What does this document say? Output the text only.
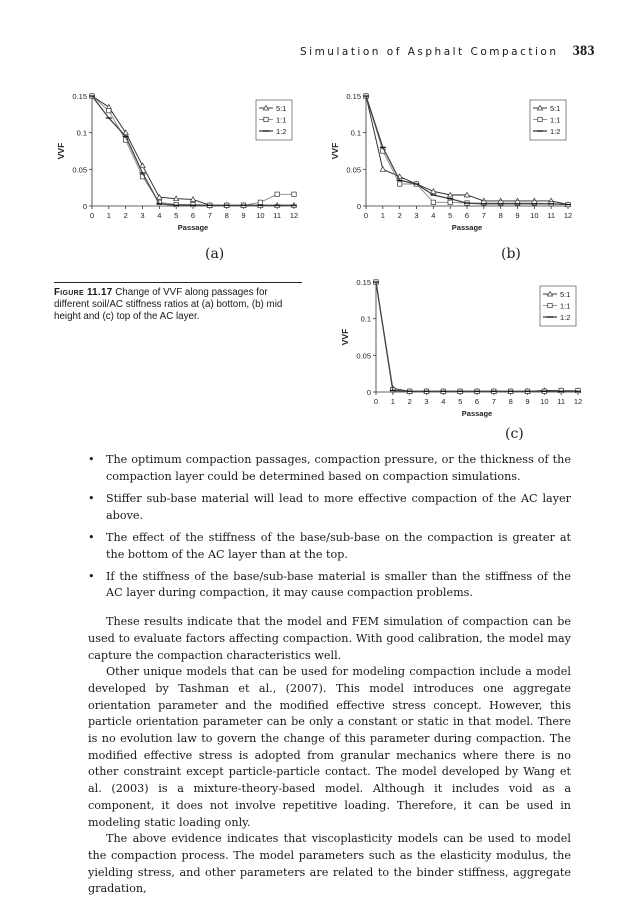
Simulation of Asphalt Compaction 383
0
0.05
0.1
0.15
0 1 2 3 4 5 6 7 8 9 10 11 12
Passage
VVF
5:1
1:1
1:2
0
0.05
0.1
0.15
0 1 2 3 4 5 6 7 8 9 10 11 12
Passage
VVF
5:1
1:1
1:2
0
0.05
0.1
0.15
0 1 2 3 4 5 6 7 8 9 10 11 12
Passage
VVF
5:1
1:1
1:2
(a)	(b)
(c)
Figure 11.17 Change of VVF along passages for different soil/AC stiffness ratios at (a) bottom, (b) mid height and (c) top of the AC layer.
• The optimum compaction passages, compaction pressure, or the thickness of the compaction layer could be determined based on compaction simulations.
• Stiffer sub-base material will lead to more effective compaction of the AC layer above.
• The effect of the stiffness of the base/sub-base on the compaction is greater at the bottom of the AC layer than at the top.
• If the stiffness of the base/sub-base material is smaller than the stiffness of the AC layer during compaction, it may cause compaction problems.

These results indicate that the model and FEM simulation of compaction can be used to evaluate factors affecting compaction. With good calibration, the model may capture the compaction characteristics well.

Other unique models that can be used for modeling compaction include a model developed by Tashman et al., (2007). This model introduces one aggregate orientation parameter and the modified effective stress concept. However, this particle orientation parameter can be only a constant or static in that model. There is no evolution law to govern the change of this parameter during compaction. The modified effective stress is adopted from granular mechanics where there is no other constraint except particle-particle contact. The model developed by Wang et al. (2003) is a mixture-theory-based model. Although it includes void as a component, it does not involve repetitive loading. Therefore, it can be used in modeling static loading only.

The above evidence indicates that viscoplasticity models can be used to model the compaction process. The model parameters such as the elasticity modulus, the yielding stress, and other parameters are related to the binder stiffness, aggregate gradation,
